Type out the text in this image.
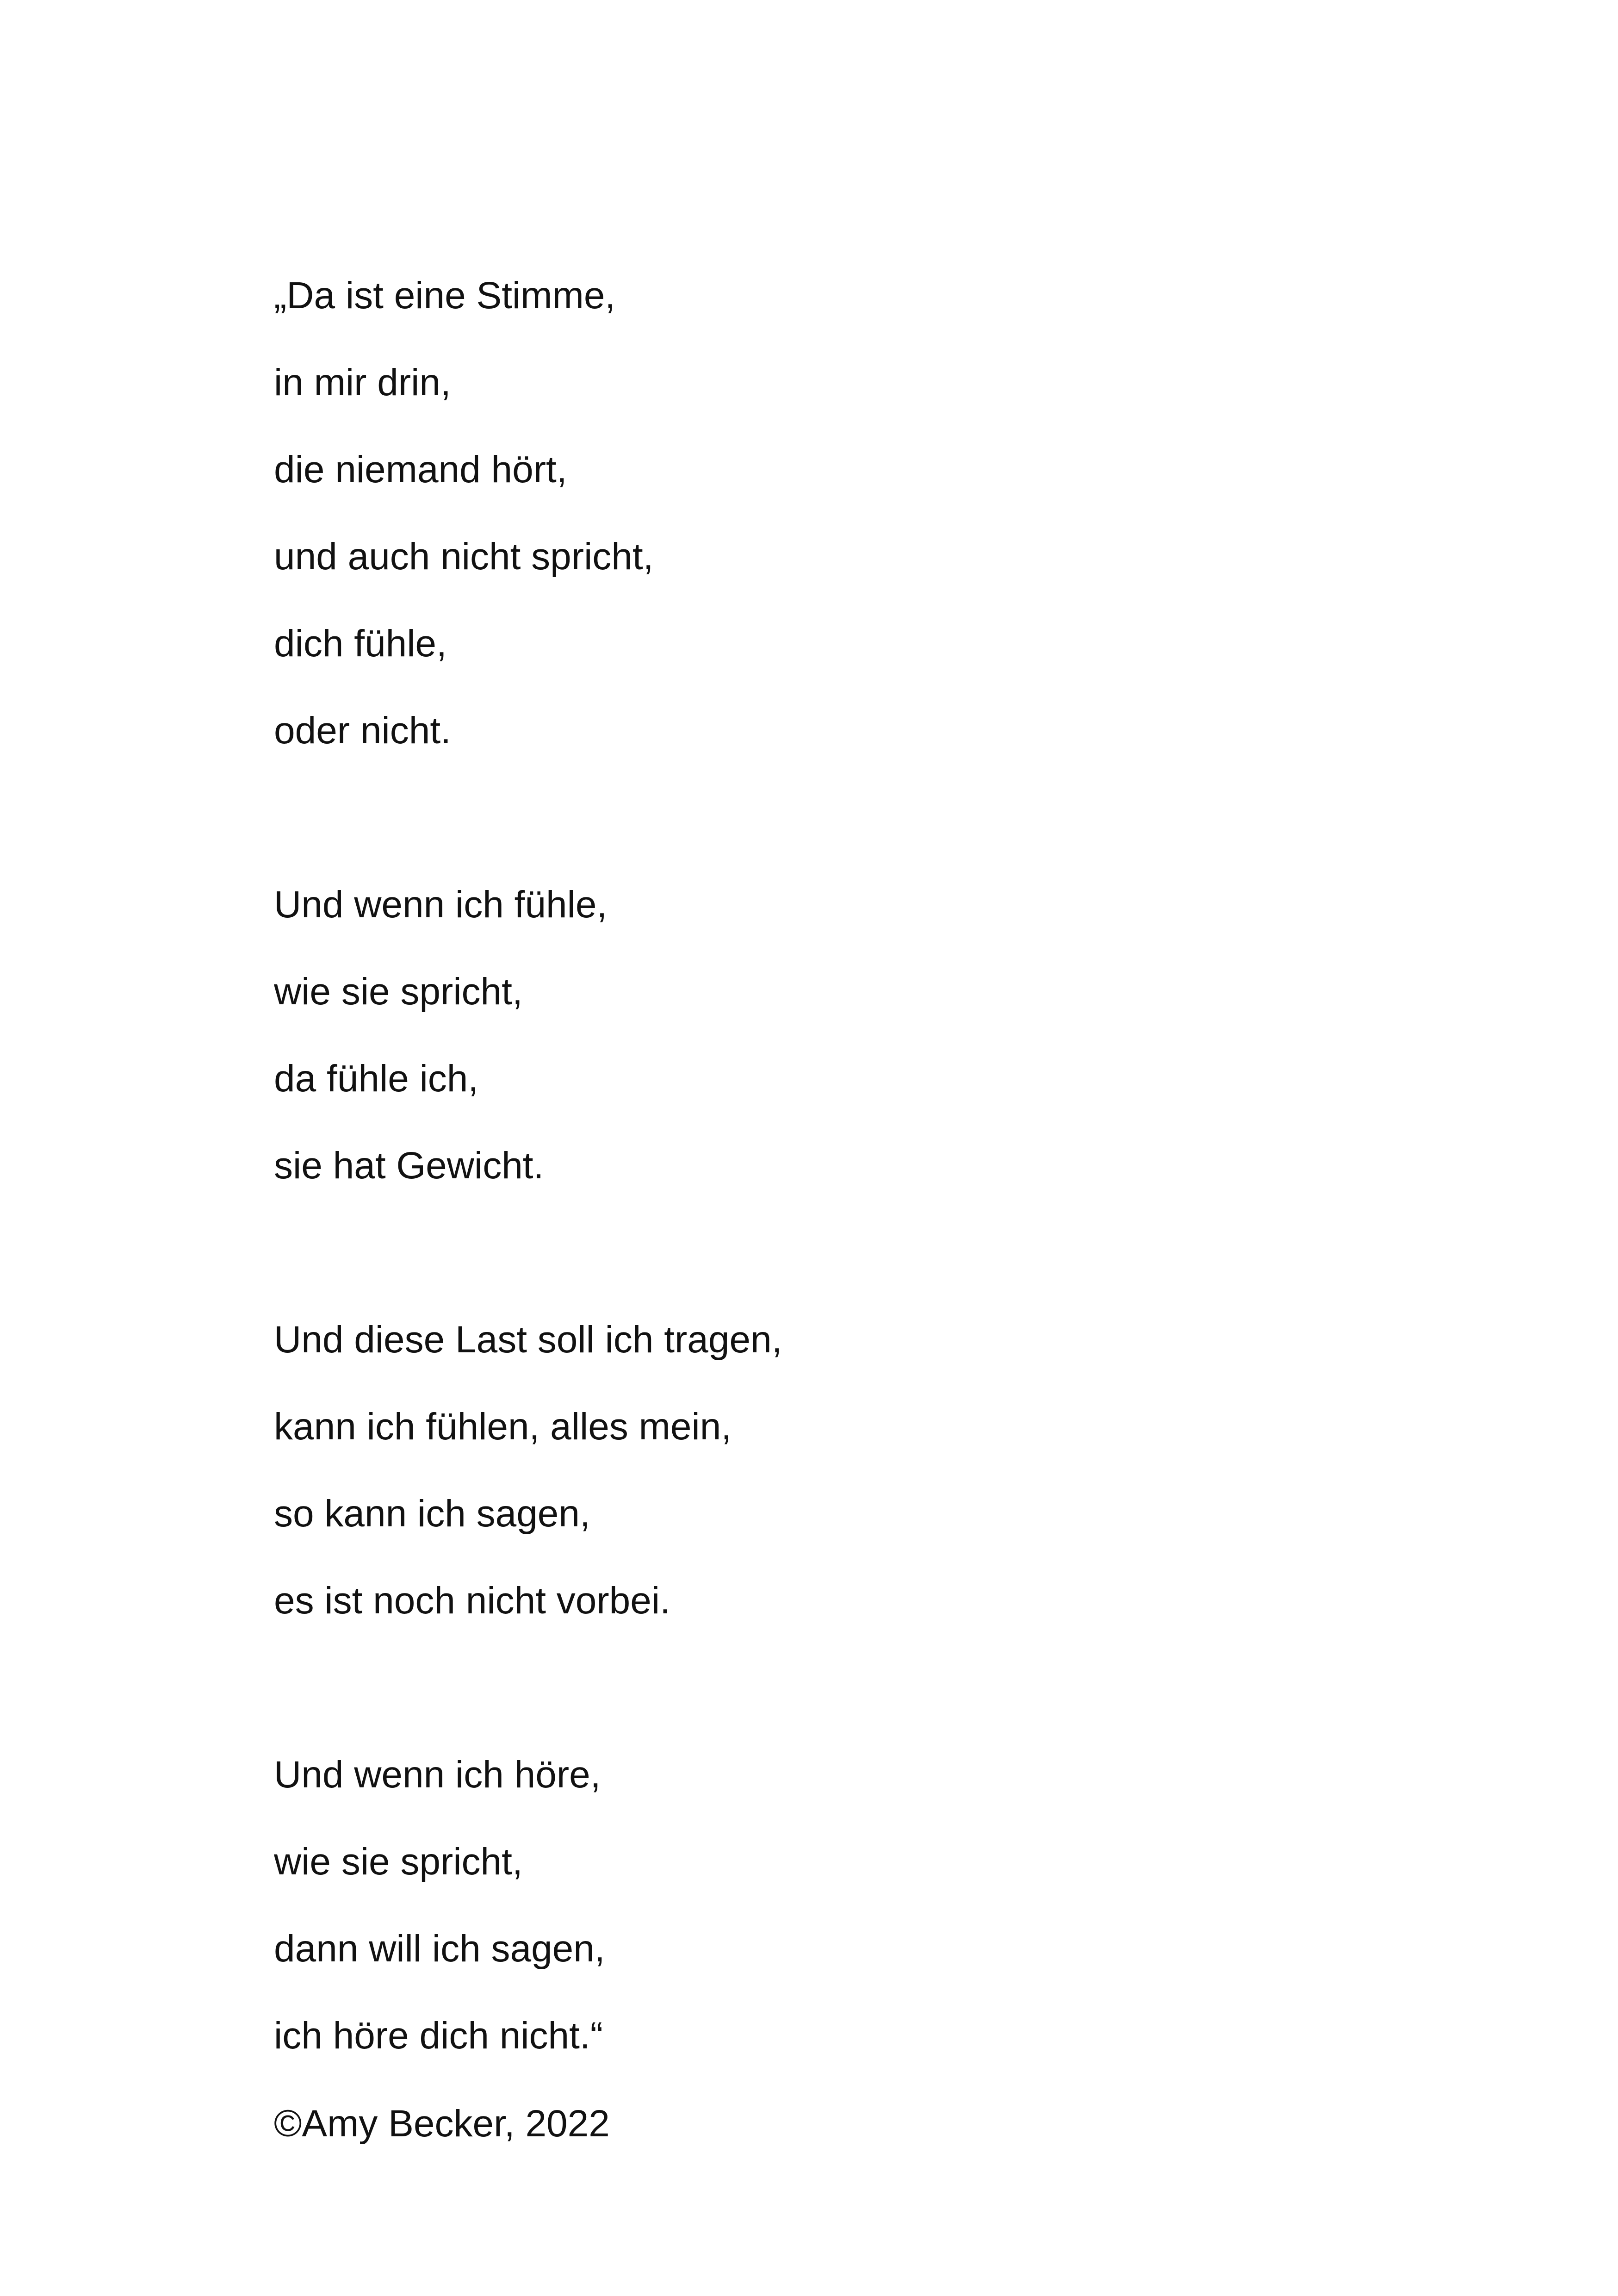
„Da ist eine Stimme,
in mir drin,
die niemand hört,
und auch nicht spricht,
dich fühle,
oder nicht.
Und wenn ich fühle,
wie sie spricht,
da fühle ich,
sie hat Gewicht.
Und diese Last soll ich tragen,
kann ich fühlen, alles mein,
so kann ich sagen,
es ist noch nicht vorbei.
Und wenn ich höre,
wie sie spricht,
dann will ich sagen,
ich höre dich nicht.“
©Amy Becker, 2022
